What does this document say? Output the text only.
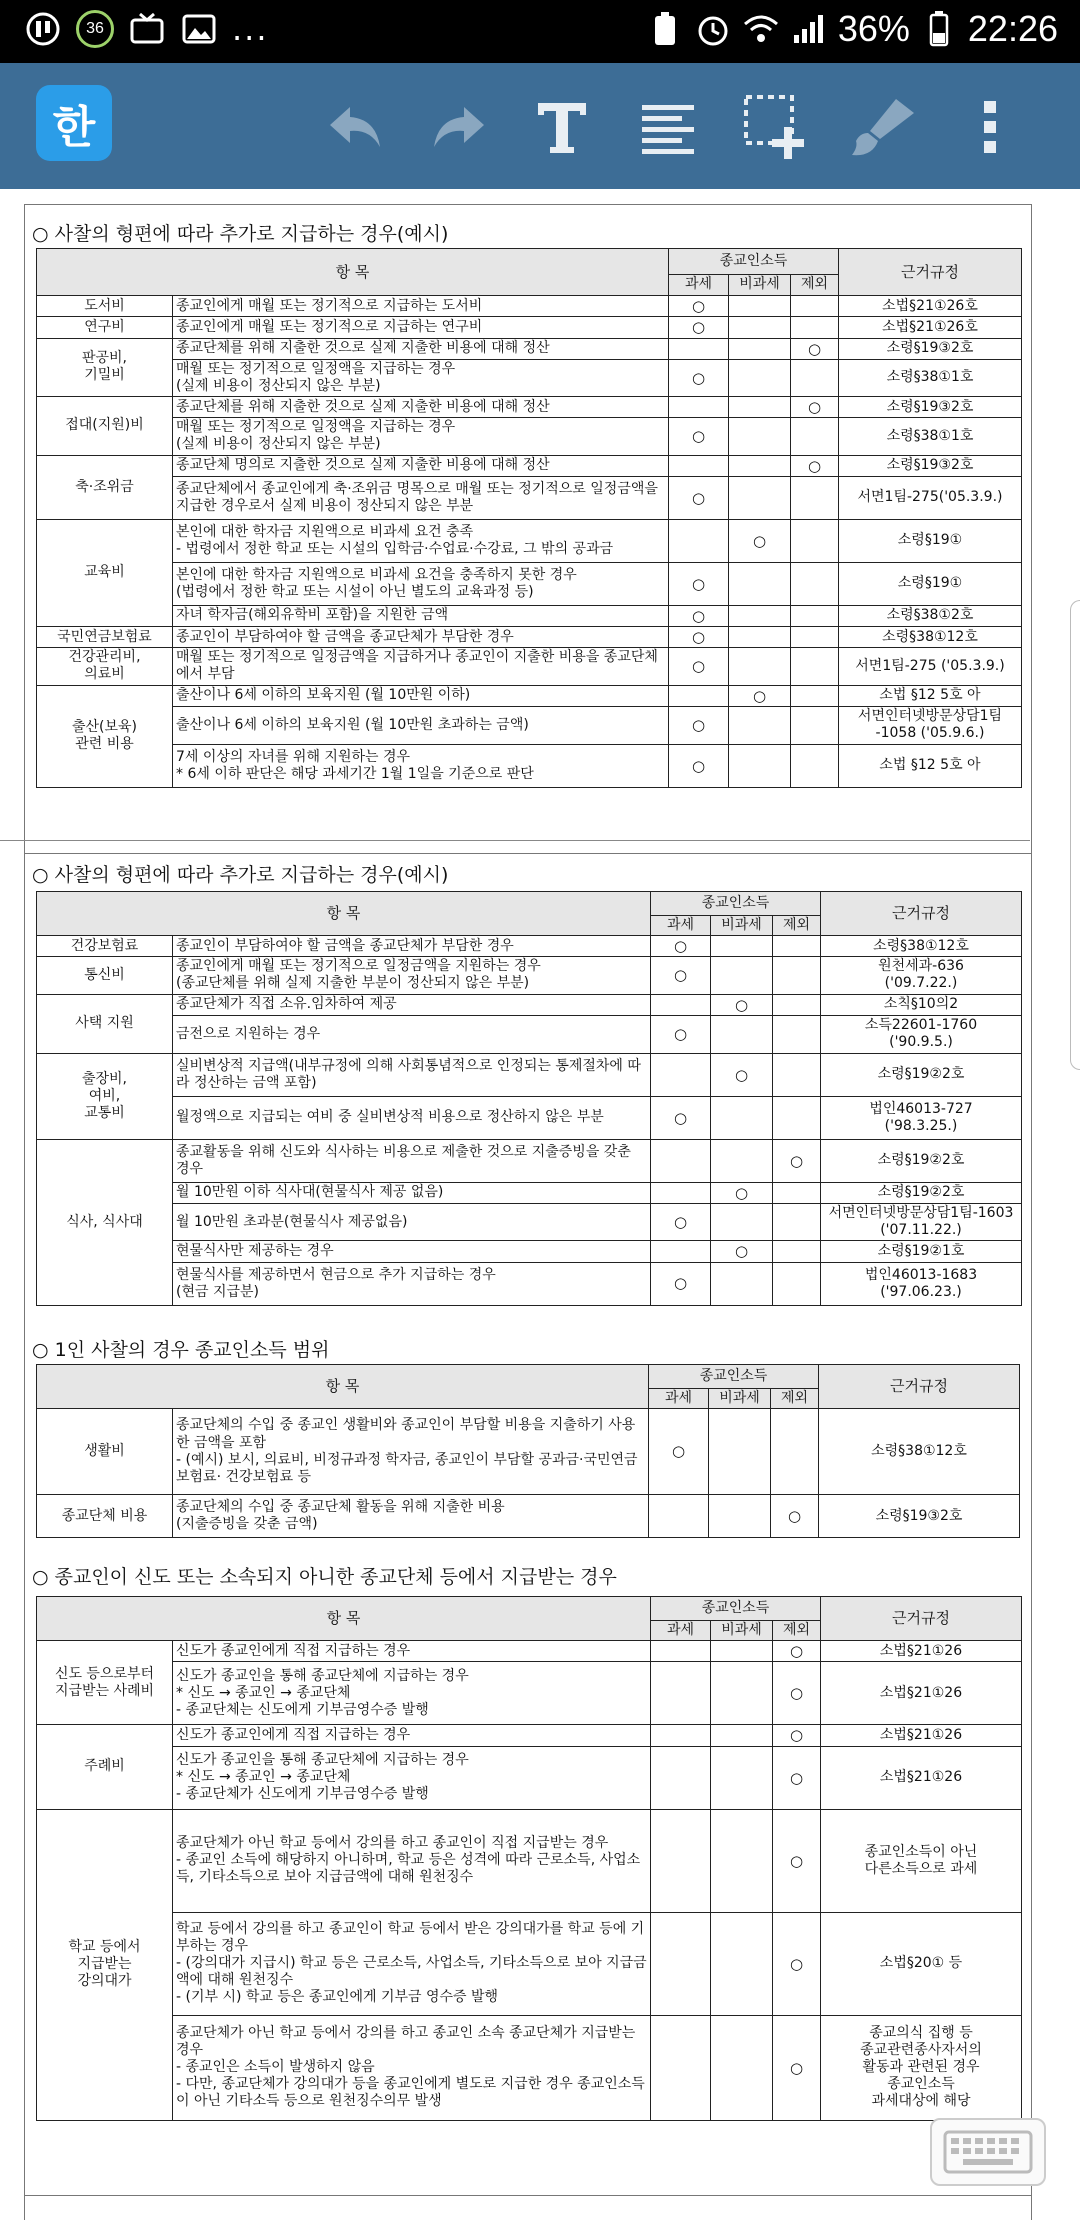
36	...	36% 22:26
한
○ 사찰의 형편에 따라 추가로 지급하는 경우(예시)
항 목		종교인소득			근거규정
		과세	비과세	제외	
도서비	종교인에게 매월 또는 정기적으로 지급하는 도서비	○			소법§21①26호
연구비	종교인에게 매월 또는 정기적으로 지급하는 연구비	○			소법§21①26호
판공비,
기밀비	종교단체를 위해 지출한 것으로 실제 지출한 비용에 대해 정산			○	소령§19③2호
	매월 또는 정기적으로 일정액을 지급하는 경우
(실제 비용이 정산되지 않은 부분)	○			소령§38①1호
접대(지원)비	종교단체를 위해 지출한 것으로 실제 지출한 비용에 대해 정산			○	소령§19③2호
	매월 또는 정기적으로 일정액을 지급하는 경우
(실제 비용이 정산되지 않은 부분)	○			소령§38①1호
축·조위금	종교단체 명의로 지출한 것으로 실제 지출한 비용에 대해 정산			○	소령§19③2호
	종교단체에서 종교인에게 축·조위금 명목으로 매월 또는 정기적으로 일정금액을 지급한 경우로서 실제 비용이 정산되지 않은 부분	○			서면1팀-275('05.3.9.)
교육비	본인에 대한 학자금 지원액으로 비과세 요건 충족
- 법령에서 정한 학교 또는 시설의 입학금·수업료·수강료, 그 밖의 공과금		○		소령§19①
	본인에 대한 학자금 지원액으로 비과세 요건을 충족하지 못한 경우
(법령에서 정한 학교 또는 시설이 아닌 별도의 교육과정 등)	○			소령§19①
	자녀 학자금(해외유학비 포함)을 지원한 금액	○			소령§38①2호
국민연금보험료	종교인이 부담하여야 할 금액을 종교단체가 부담한 경우	○			소령§38①12호
건강관리비,
의료비	매월 또는 정기적으로 일정금액을 지급하거나 종교인이 지출한 비용을 종교단체에서 부담	○			서면1팀-275 ('05.3.9.)
출산(보육)
관련 비용	출산이나 6세 이하의 보육지원 (월 10만원 이하)		○		소법 §12 5호 아
	출산이나 6세 이하의 보육지원 (월 10만원 초과하는 금액)	○			서면인터넷방문상담1팀 -1058 ('05.9.6.)
	7세 이상의 자녀를 위해 지원하는 경우
* 6세 이하 판단은 해당 과세기간 1월 1일을 기준으로 판단	○			소법 §12 5호 아
○ 사찰의 형편에 따라 추가로 지급하는 경우(예시)
항 목		종교인소득			근거규정
		과세	비과세	제외	
건강보험료	종교인이 부담하여야 할 금액을 종교단체가 부담한 경우	○			소령§38①12호
통신비	종교인에게 매월 또는 정기적으로 일정금액을 지원하는 경우
(종교단체를 위해 실제 지출한 부분이 정산되지 않은 부분)	○			원천세과-636
('09.7.22.)
사택 지원	종교단체가 직접 소유.임차하여 제공		○		소칙§10의2
	금전으로 지원하는 경우	○			소득22601-1760
('90.9.5.)
출장비,
여비,
교통비	실비변상적 지급액(내부규정에 의해 사회통념적으로 인정되는 통제절차에 따라 정산하는 금액 포함)		○		소령§19②2호
	월정액으로 지급되는 여비 중 실비변상적 비용으로 정산하지 않은 부분	○			법인46013-727
('98.3.25.)
식사, 식사대	종교활동을 위해 신도와 식사하는 비용으로 제출한 것으로 지출증빙을 갖춘 경우			○	소령§19②2호
	월 10만원 이하 식사대(현물식사 제공 없음)		○		소령§19②2호
	월 10만원 초과분(현물식사 제공없음)	○			서면인터넷방문상담1팀-1603 ('07.11.22.)
	현물식사만 제공하는 경우		○		소령§19②1호
	현물식사를 제공하면서 현금으로 추가 지급하는 경우
(현금 지급분)	○			법인46013-1683
('97.06.23.)
○ 1인 사찰의 경우 종교인소득 범위
항 목		종교인소득			근거규정
		과세	비과세	제외	
생활비	종교단체의 수입 중 종교인 생활비와 종교인이 부담할 비용을 지출하기 사용한 금액을 포함
- (예시) 보시, 의료비, 비정규과정 학자금, 종교인이 부담할 공과금·국민연금보험료· 건강보험료 등	○			소령§38①12호
종교단체 비용	종교단체의 수입 중 종교단체 활동을 위해 지출한 비용
(지출증빙을 갖춘 금액)			○	소령§19③2호
○ 종교인이 신도 또는 소속되지 아니한 종교단체 등에서 지급받는 경우
항 목		종교인소득			근거규정
		과세	비과세	제외	
신도 등으로부터
지급받는 사례비	신도가 종교인에게 직접 지급하는 경우			○	소법§21①26
	신도가 종교인을 통해 종교단체에 지급하는 경우
* 신도 → 종교인 → 종교단체
- 종교단체는 신도에게 기부금영수증 발행			○	소법§21①26
주례비	신도가 종교인에게 직접 지급하는 경우			○	소법§21①26
	신도가 종교인을 통해 종교단체에 지급하는 경우
* 신도 → 종교인 → 종교단체
- 종교단체가 신도에게 기부금영수증 발행			○	소법§21①26
학교 등에서
지급받는
강의대가	종교단체가 아닌 학교 등에서 강의를 하고 종교인이 직접 지급받는 경우
- 종교인 소득에 해당하지 아니하며, 학교 등은 성격에 따라 근로소득, 사업소득, 기타소득으로 보아 지급금액에 대해 원천징수			○	종교인소득이 아닌
다른소득으로 과세
	학교 등에서 강의를 하고 종교인이 학교 등에서 받은 강의대가를 학교 등에 기부하는 경우
- (강의대가 지급시) 학교 등은 근로소득, 사업소득, 기타소득으로 보아 지급금액에 대해 원천징수
- (기부 시) 학교 등은 종교인에게 기부금 영수증 발행			○	소법§20① 등
	종교단체가 아닌 학교 등에서 강의를 하고 종교인 소속 종교단체가 지급받는 경우
- 종교인은 소득이 발생하지 않음
- 다만, 종교단체가 강의대가 등을 종교인에게 별도로 지급한 경우 종교인소득이 아닌 기타소득 등으로 원천징수의무 발생			○	종교의식 집행 등
종교관련종사자서의
활동과 관련된 경우
종교인소득
과세대상에 해당
